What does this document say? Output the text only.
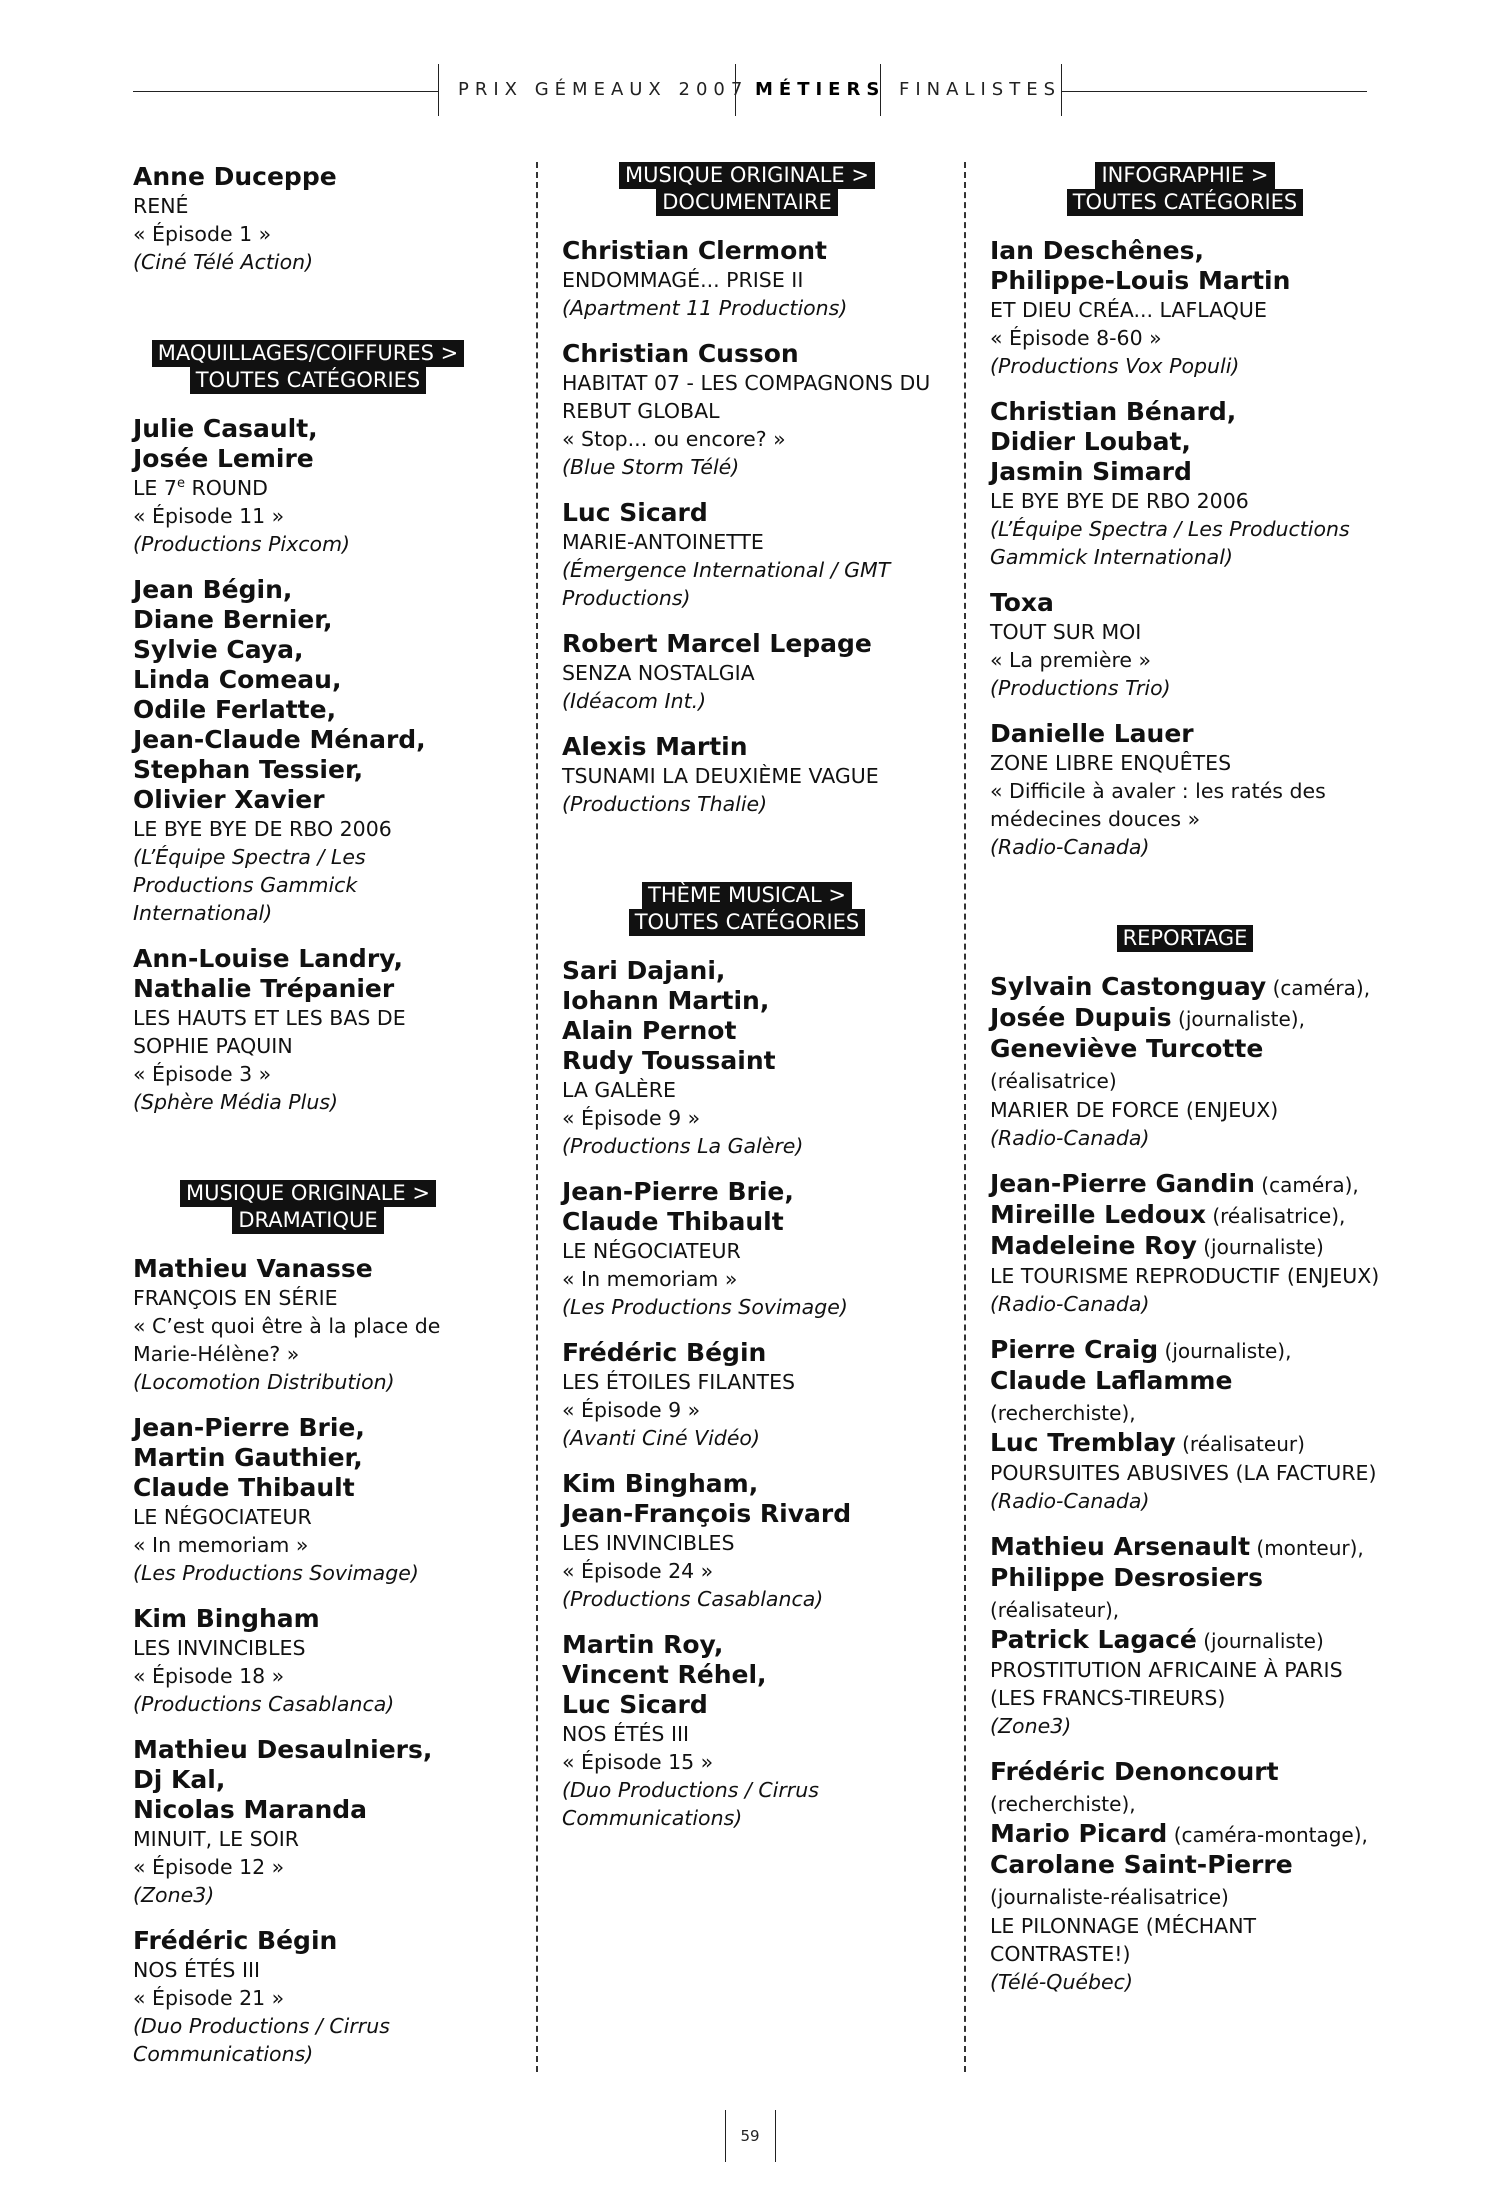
PRIX GÉMEAUX 2007 MÉTIERS FINALISTES
Anne Duceppe
RENÉ
« Épisode 1 »
(Ciné Télé Action)
MAQUILLAGES/COIFFURES >
TOUTES CATÉGORIES
Julie Casault,
Josée Lemire
LE 7e ROUND
« Épisode 11 »
(Productions Pixcom)
Jean Bégin,
Diane Bernier,
Sylvie Caya,
Linda Comeau,
Odile Ferlatte,
Jean-Claude Ménard,
Stephan Tessier,
Olivier Xavier
LE BYE BYE DE RBO 2006
(L’Équipe Spectra / Les Productions Gammick International)
Ann-Louise Landry,
Nathalie Trépanier
LES HAUTS ET LES BAS DE SOPHIE PAQUIN
« Épisode 3 »
(Sphère Média Plus)
MUSIQUE ORIGINALE >
DRAMATIQUE
Mathieu Vanasse
FRANÇOIS EN SÉRIE
« C’est quoi être à la place de Marie-Hélène? »
(Locomotion Distribution)
Jean-Pierre Brie,
Martin Gauthier,
Claude Thibault
LE NÉGOCIATEUR
« In memoriam »
(Les Productions Sovimage)
Kim Bingham
LES INVINCIBLES
« Épisode 18 »
(Productions Casablanca)
Mathieu Desaulniers,
Dj Kal,
Nicolas Maranda
MINUIT, LE SOIR
« Épisode 12 »
(Zone3)
Frédéric Bégin
NOS ÉTÉS III
« Épisode 21 »
(Duo Productions / Cirrus Communications)
MUSIQUE ORIGINALE >
DOCUMENTAIRE
Christian Clermont
ENDOMMAGÉ... PRISE II
(Apartment 11 Productions)
Christian Cusson
HABITAT 07 - LES COMPAGNONS DU REBUT GLOBAL
« Stop... ou encore? »
(Blue Storm Télé)
Luc Sicard
MARIE-ANTOINETTE
(Émergence International / GMT Productions)
Robert Marcel Lepage
SENZA NOSTALGIA
(Idéacom Int.)
Alexis Martin
TSUNAMI LA DEUXIÈME VAGUE
(Productions Thalie)
THÈME MUSICAL >
TOUTES CATÉGORIES
Sari Dajani,
Iohann Martin,
Alain Pernot
Rudy Toussaint
LA GALÈRE
« Épisode 9 »
(Productions La Galère)
Jean-Pierre Brie,
Claude Thibault
LE NÉGOCIATEUR
« In memoriam »
(Les Productions Sovimage)
Frédéric Bégin
LES ÉTOILES FILANTES
« Épisode 9 »
(Avanti Ciné Vidéo)
Kim Bingham,
Jean-François Rivard
LES INVINCIBLES
« Épisode 24 »
(Productions Casablanca)
Martin Roy,
Vincent Réhel,
Luc Sicard
NOS ÉTÉS III
« Épisode 15 »
(Duo Productions / Cirrus Communications)
INFOGRAPHIE >
TOUTES CATÉGORIES
Ian Deschênes,
Philippe-Louis Martin
ET DIEU CRÉA... LAFLAQUE
« Épisode 8-60 »
(Productions Vox Populi)
Christian Bénard,
Didier Loubat,
Jasmin Simard
LE BYE BYE DE RBO 2006
(L’Équipe Spectra / Les Productions Gammick International)
Toxa
TOUT SUR MOI
« La première »
(Productions Trio)
Danielle Lauer
ZONE LIBRE ENQUÊTES
« Difficile à avaler : les ratés des médecines douces »
(Radio-Canada)
REPORTAGE
Sylvain Castonguay (caméra),
Josée Dupuis (journaliste),
Geneviève Turcotte (réalisatrice)
MARIER DE FORCE (ENJEUX)
(Radio-Canada)
Jean-Pierre Gandin (caméra),
Mireille Ledoux (réalisatrice),
Madeleine Roy (journaliste)
LE TOURISME REPRODUCTIF (ENJEUX)
(Radio-Canada)
Pierre Craig (journaliste),
Claude Laflamme (recherchiste),
Luc Tremblay (réalisateur)
POURSUITES ABUSIVES (LA FACTURE)
(Radio-Canada)
Mathieu Arsenault (monteur),
Philippe Desrosiers (réalisateur),
Patrick Lagacé (journaliste)
PROSTITUTION AFRICAINE À PARIS (LES FRANCS-TIREURS)
(Zone3)
Frédéric Denoncourt (recherchiste),
Mario Picard (caméra-montage),
Carolane Saint-Pierre (journaliste-réalisatrice)
LE PILONNAGE (MÉCHANT CONTRASTE!)
(Télé-Québec)
59
